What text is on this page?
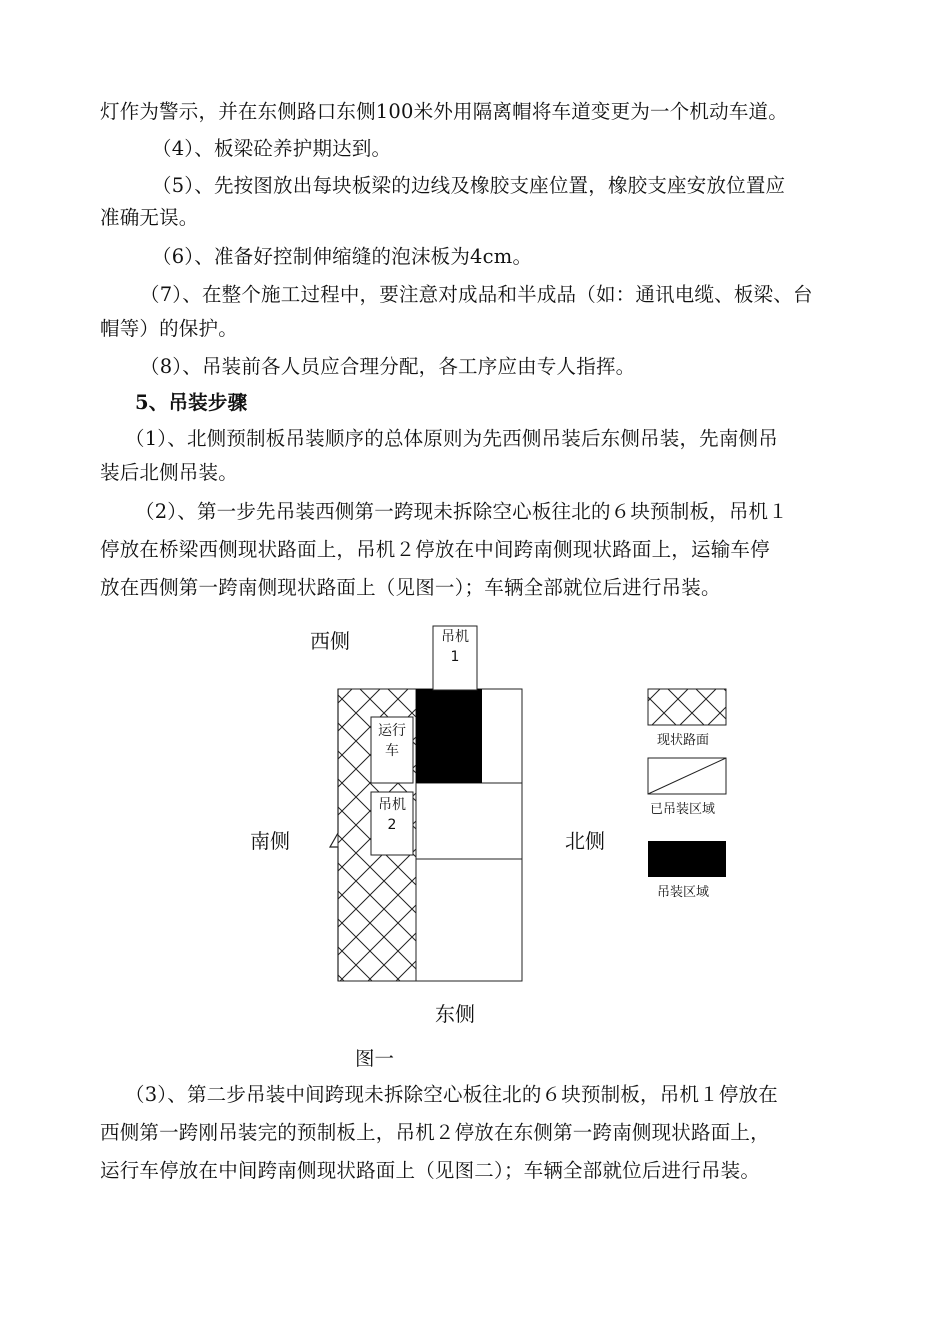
灯作为警示，并在东侧路口东侧100米外用隔离帽将车道变更为一个机动车道。
（4）、板梁砼养护期达到。
（5）、先按图放出每块板梁的边线及橡胶支座位置，橡胶支座安放位置应
准确无误。
（6）、准备好控制伸缩缝的泡沫板为4cm。
（7）、在整个施工过程中，要注意对成品和半成品（如：通讯电缆、板梁、台
帽等）的保护。
（8）、吊装前各人员应合理分配，各工序应由专人指挥。
5、吊装步骤
（1）、北侧预制板吊装顺序的总体原则为先西侧吊装后东侧吊装，先南侧吊
装后北侧吊装。
（2）、第一步先吊装西侧第一跨现未拆除空心板往北的６块预制板，吊机１
停放在桥梁西侧现状路面上，吊机２停放在中间跨南侧现状路面上，运输车停
放在西侧第一跨南侧现状路面上（见图一）；车辆全部就位后进行吊装。
西侧
东侧
南侧	北侧
吊机1
运行车
吊机2
现状路面
已吊装区域
吊装区域
图一
（3）、第二步吊装中间跨现未拆除空心板往北的６块预制板，吊机１停放在
西侧第一跨刚吊装完的预制板上，吊机２停放在东侧第一跨南侧现状路面上，
运行车停放在中间跨南侧现状路面上（见图二）；车辆全部就位后进行吊装。
